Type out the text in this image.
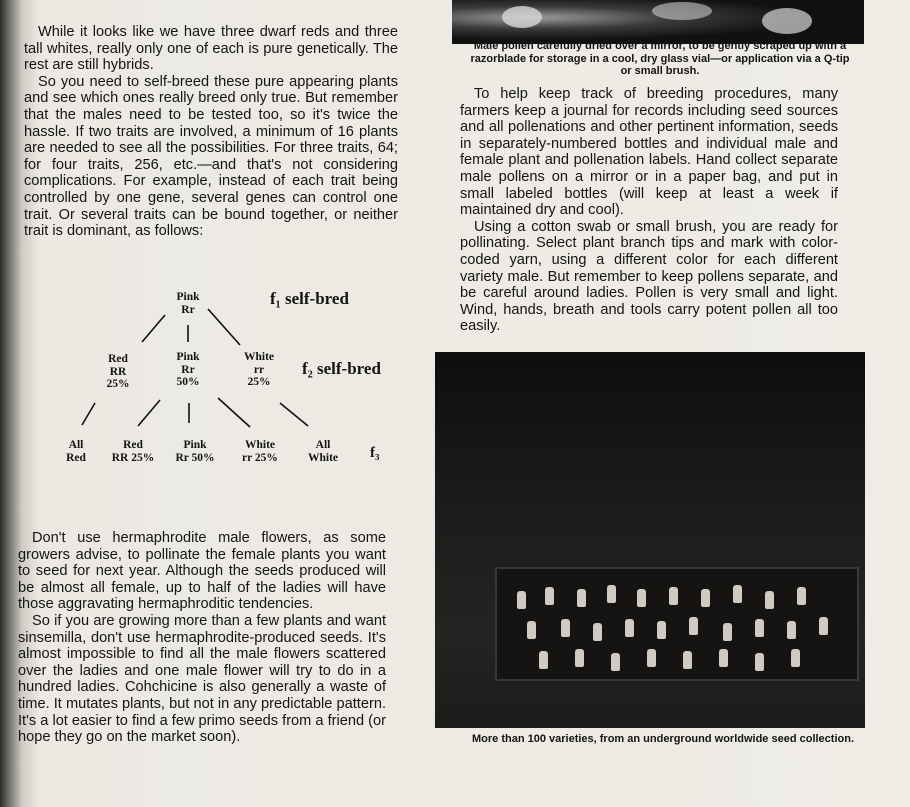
While it looks like we have three dwarf reds and three tall whites, really only one of each is pure genetically. The rest are still hybrids.

So you need to self-breed these pure appearing plants and see which ones really breed only true. But remember that the males need to be tested too, so it's twice the hassle. If two traits are involved, a minimum of 16 plants are needed to see all the possibilities. For three traits, 64; for four traits, 256, etc.—and that's not considering complications. For example, instead of each trait being controlled by one gene, several genes can control one trait. Or several traits can be bound together, or neither trait is dominant, as follows:

Pink
Rr
f₁ self-bred
Red
RR
25%
Pink
Rr
50%
White
rr
25%
f₂ self-bred
All
Red
Red
RR 25%
Pink
Rr 50%
White
rr 25%
All
White	f₃

Don't use hermaphrodite male flowers, as some growers advise, to pollinate the female plants you want to seed for next year. Although the seeds produced will be almost all female, up to half of the ladies will have those aggravating hermaphroditic tendencies.

So if you are growing more than a few plants and want sinsemilla, don't use hermaphrodite-produced seeds. It's almost impossible to find all the male flowers scattered over the ladies and one male flower will try to do in a hundred ladies. Cohchicine is also generally a waste of time. It mutates plants, but not in any predictable pattern. It's a lot easier to find a few primo seeds from a friend (or hope they go on the market soon).

Male pollen carefully dried over a mirror, to be gently scraped up with a razorblade for storage in a cool, dry glass vial—or application via a Q-tip or small brush.

To help keep track of breeding procedures, many farmers keep a journal for records including seed sources and all pollenations and other pertinent information, seeds in separately-numbered bottles and individual male and female plant and pollenation labels. Hand collect separate male pollens on a mirror or in a paper bag, and put in small labeled bottles (will keep at least a week if maintained dry and cool).

Using a cotton swab or small brush, you are ready for pollinating. Select plant branch tips and mark with color-coded yarn, using a different color for each different variety male. But remember to keep pollens separate, and be careful around ladies. Pollen is very small and light. Wind, hands, breath and tools carry potent pollen all too easily.

More than 100 varieties, from an underground worldwide seed collection.
